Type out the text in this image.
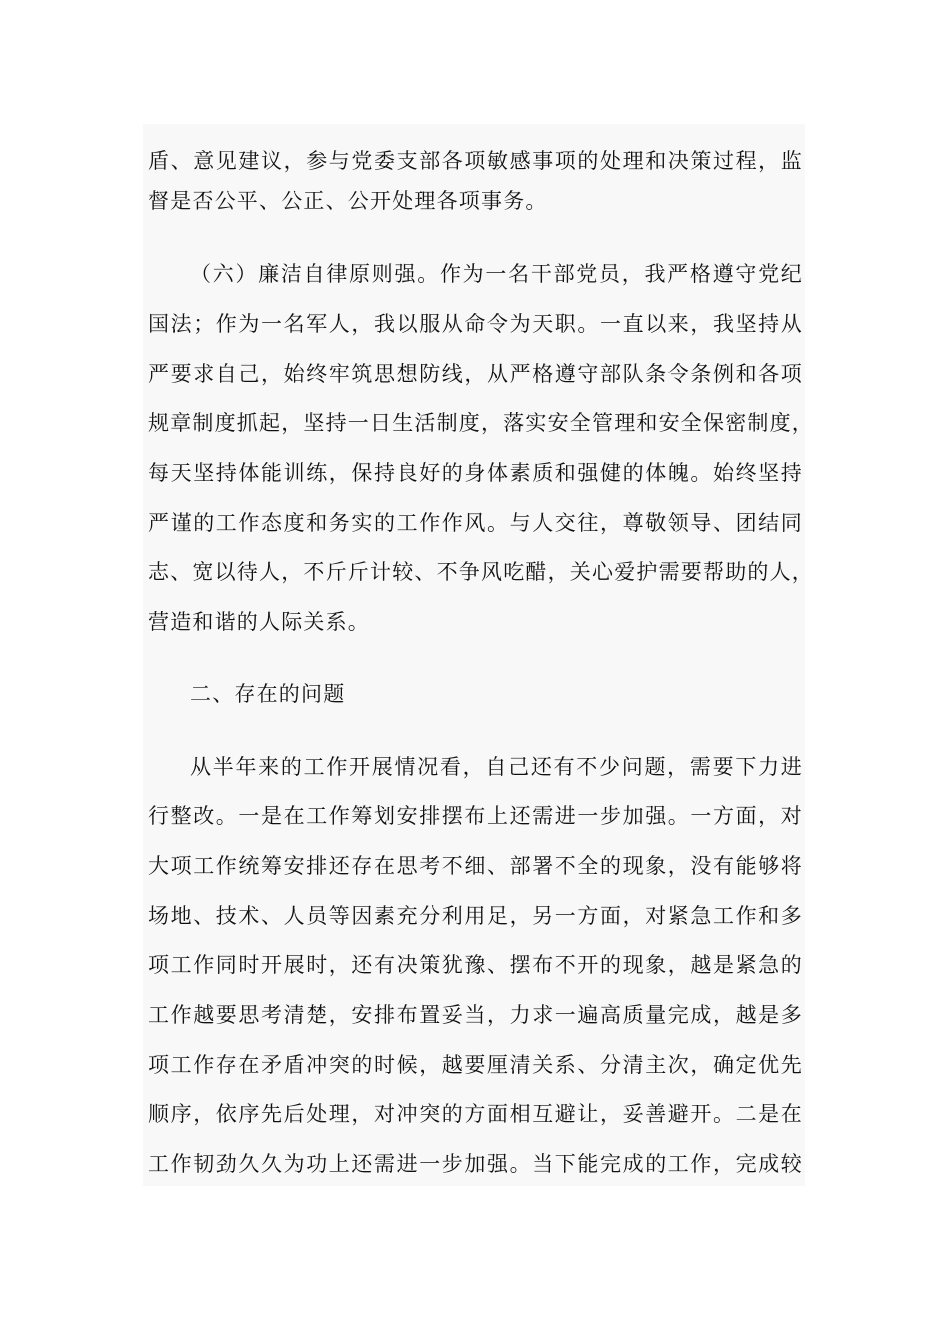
盾、意见建议，参与党委支部各项敏感事项的处理和决策过程，监
督是否公平、公正、公开处理各项事务。
（六）廉洁自律原则强。作为一名干部党员，我严格遵守党纪
国法；作为一名军人，我以服从命令为天职。一直以来，我坚持从
严要求自己，始终牢筑思想防线，从严格遵守部队条令条例和各项
规章制度抓起，坚持一日生活制度，落实安全管理和安全保密制度，
每天坚持体能训练，保持良好的身体素质和强健的体魄。始终坚持
严谨的工作态度和务实的工作作风。与人交往，尊敬领导、团结同
志、宽以待人，不斤斤计较、不争风吃醋，关心爱护需要帮助的人，
营造和谐的人际关系。
二、存在的问题
从半年来的工作开展情况看，自己还有不少问题，需要下力进
行整改。一是在工作筹划安排摆布上还需进一步加强。一方面，对
大项工作统筹安排还存在思考不细、部署不全的现象，没有能够将
场地、技术、人员等因素充分利用足，另一方面，对紧急工作和多
项工作同时开展时，还有决策犹豫、摆布不开的现象，越是紧急的
工作越要思考清楚，安排布置妥当，力求一遍高质量完成，越是多
项工作存在矛盾冲突的时候，越要厘清关系、分清主次，确定优先
顺序，依序先后处理，对冲突的方面相互避让，妥善避开。二是在
工作韧劲久久为功上还需进一步加强。当下能完成的工作，完成较
